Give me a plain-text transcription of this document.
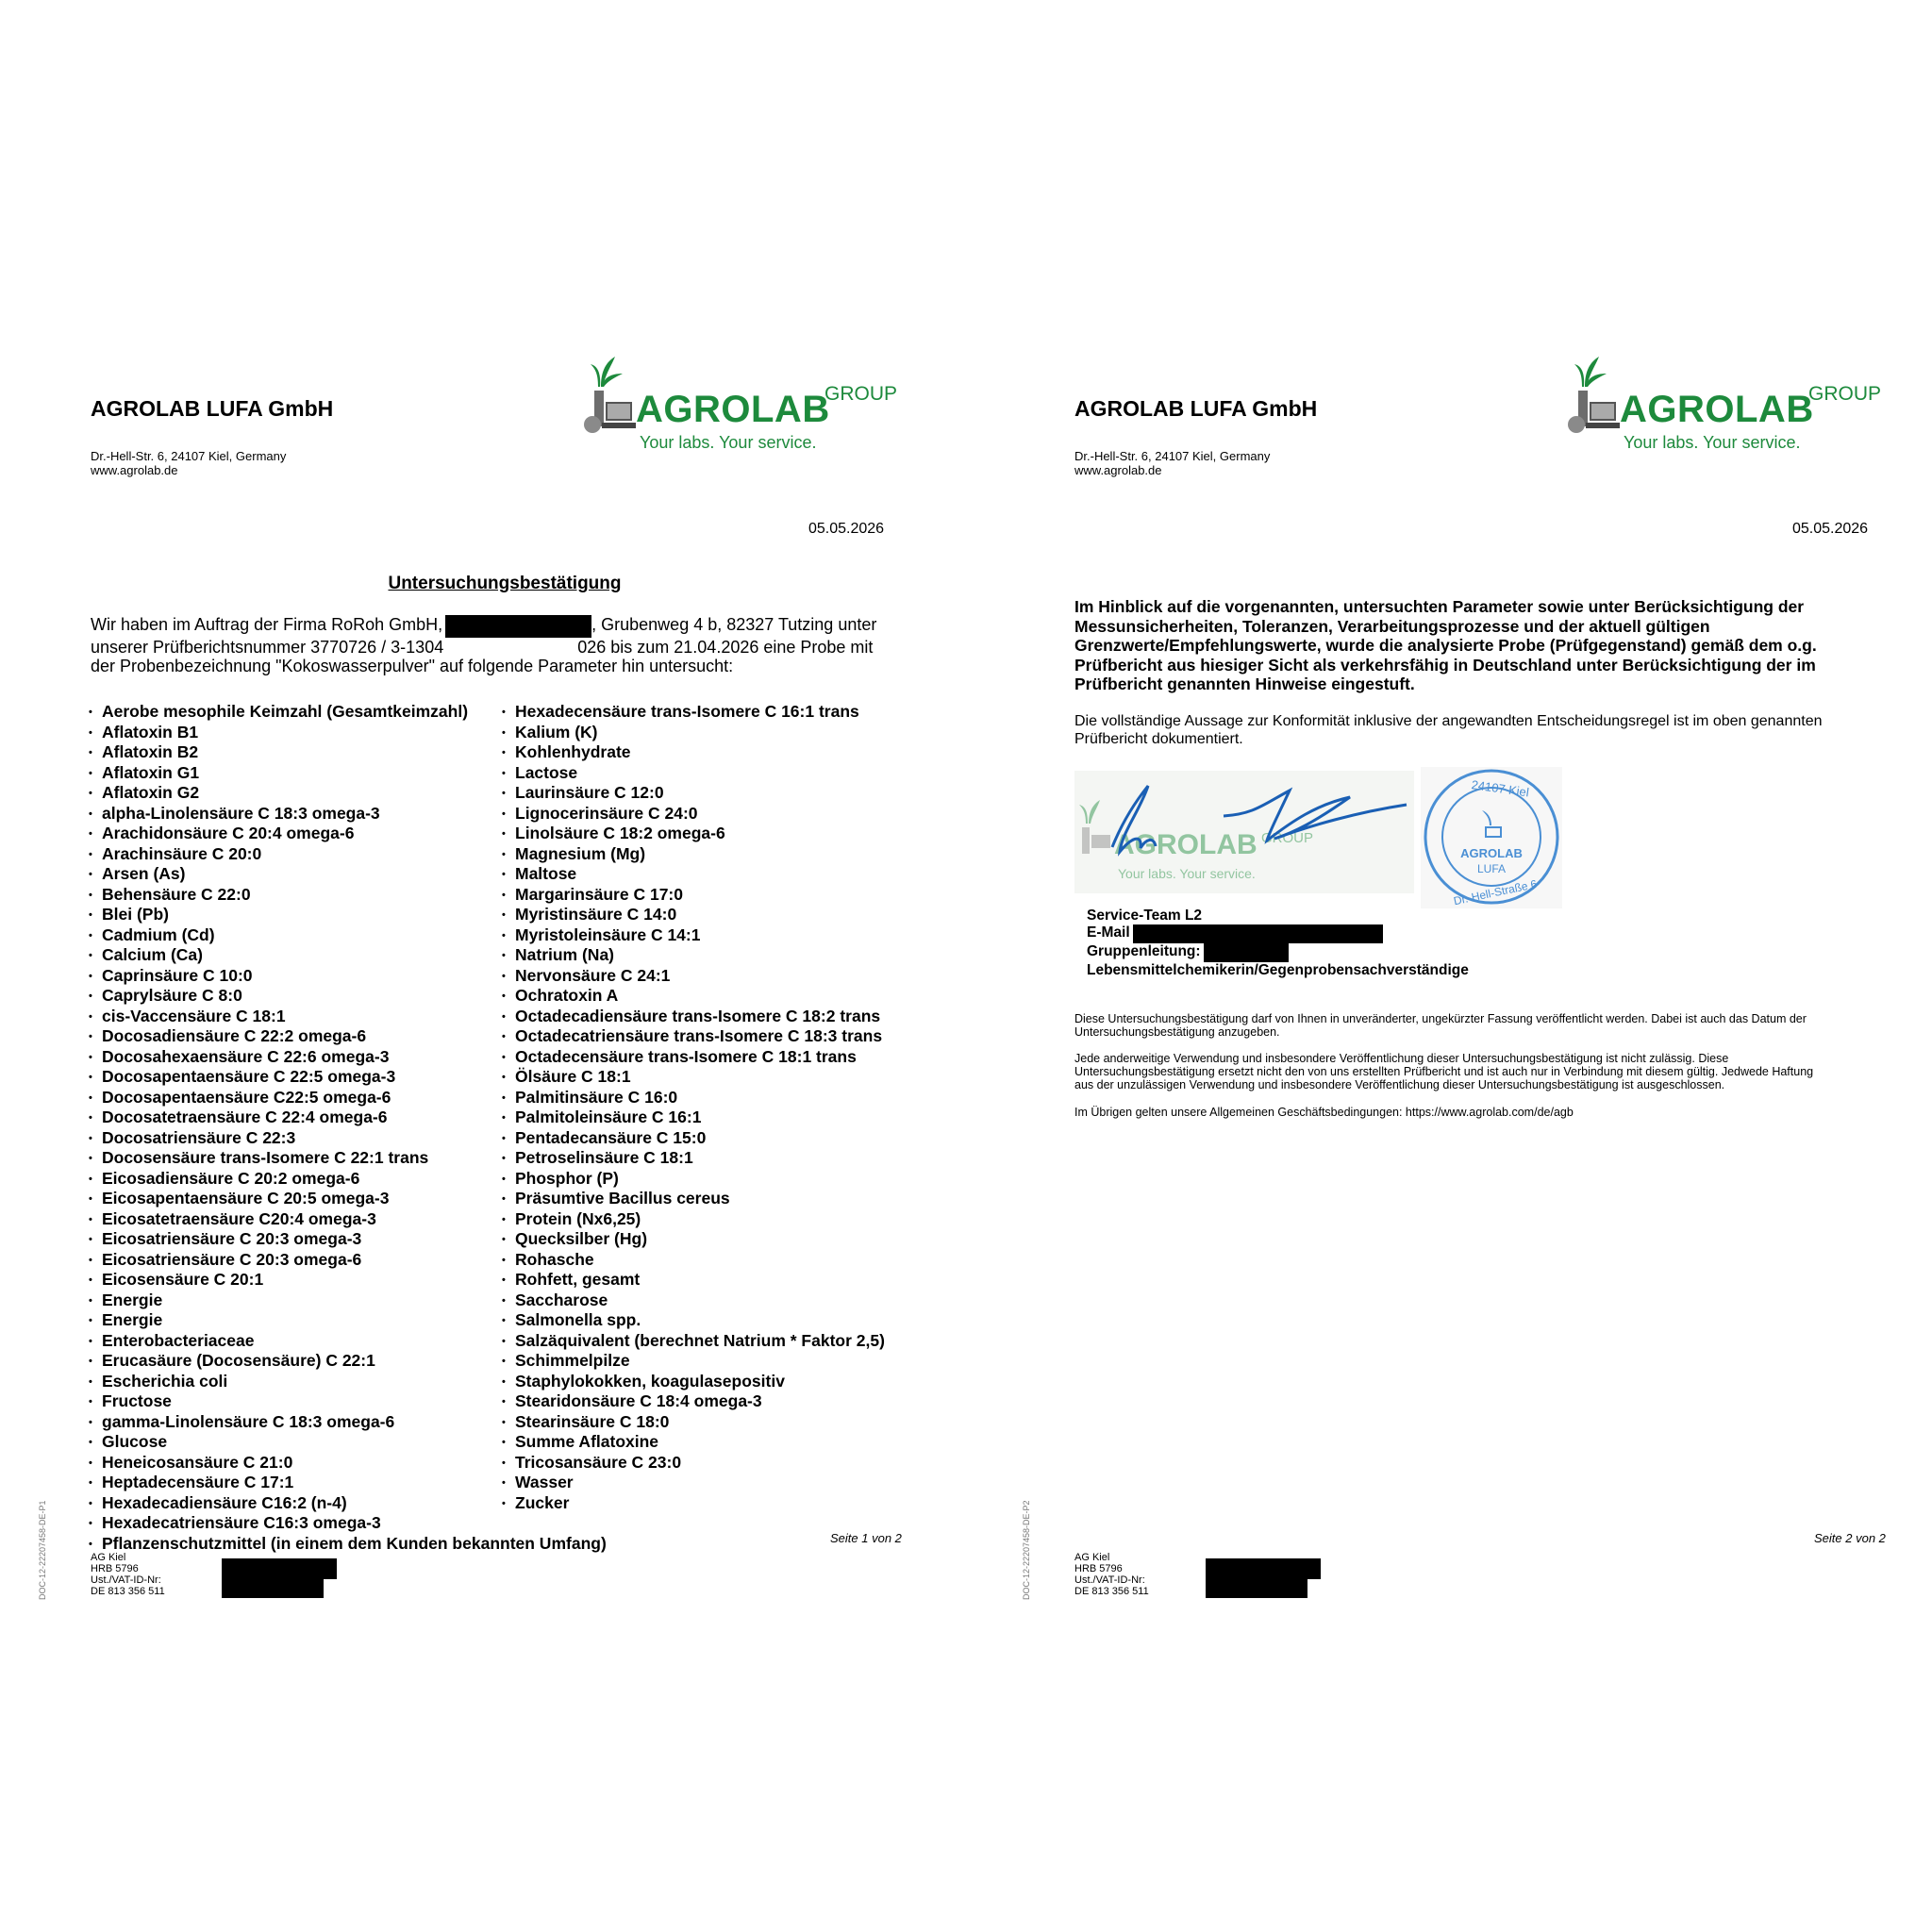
AGROLAB LUFA GmbH
Dr.-Hell-Str. 6, 24107 Kiel, Germany
www.agrolab.de
AGROLAB
GROUP
Your labs. Your service.
05.05.2026
Untersuchungsbestätigung
Wir haben im Auftrag der Firma RoRoh GmbH,	, Grubenweg 4 b, 82327 Tutzing unter
unserer Prüfberichtsnummer 3770726 / 3-1304	026 bis zum 21.04.2026 eine Probe mit
der Probenbezeichnung "Kokoswasserpulver" auf folgende Parameter hin untersucht:
• Aerobe mesophile Keimzahl (Gesamtkeimzahl)
• Aflatoxin B1
• Aflatoxin B2
• Aflatoxin G1
• Aflatoxin G2
• alpha-Linolensäure C 18:3 omega-3
• Arachidonsäure C 20:4 omega-6
• Arachinsäure C 20:0
• Arsen (As)
• Behensäure C 22:0
• Blei (Pb)
• Cadmium (Cd)
• Calcium (Ca)
• Caprinsäure C 10:0
• Caprylsäure C 8:0
• cis-Vaccensäure C 18:1
• Docosadiensäure C 22:2 omega-6
• Docosahexaensäure C 22:6 omega-3
• Docosapentaensäure C 22:5 omega-3
• Docosapentaensäure C22:5 omega-6
• Docosatetraensäure C 22:4 omega-6
• Docosatriensäure C 22:3
• Docosensäure trans-Isomere C 22:1 trans
• Eicosadiensäure C 20:2 omega-6
• Eicosapentaensäure C 20:5 omega-3
• Eicosatetraensäure C20:4 omega-3
• Eicosatriensäure C 20:3 omega-3
• Eicosatriensäure C 20:3 omega-6
• Eicosensäure C 20:1
• Energie
• Energie
• Enterobacteriaceae
• Erucasäure (Docosensäure) C 22:1
• Escherichia coli
• Fructose
• gamma-Linolensäure C 18:3 omega-6
• Glucose
• Heneicosansäure C 21:0
• Heptadecensäure C 17:1
• Hexadecadiensäure C16:2 (n-4)
• Hexadecatriensäure C16:3 omega-3
• Pflanzenschutzmittel (in einem dem Kunden bekannten Umfang)
• Hexadecensäure trans-Isomere C 16:1 trans
• Kalium (K)
• Kohlenhydrate
• Lactose
• Laurinsäure C 12:0
• Lignocerinsäure C 24:0
• Linolsäure C 18:2 omega-6
• Magnesium (Mg)
• Maltose
• Margarinsäure C 17:0
• Myristinsäure C 14:0
• Myristoleinsäure C 14:1
• Natrium (Na)
• Nervonsäure C 24:1
• Ochratoxin A
• Octadecadiensäure trans-Isomere C 18:2 trans
• Octadecatriensäure trans-Isomere C 18:3 trans
• Octadecensäure trans-Isomere C 18:1 trans
• Ölsäure C 18:1
• Palmitinsäure C 16:0
• Palmitoleinsäure C 16:1
• Pentadecansäure C 15:0
• Petroselinsäure C 18:1
• Phosphor (P)
• Präsumtive Bacillus cereus
• Protein (Nx6,25)
• Quecksilber (Hg)
• Rohasche
• Rohfett, gesamt
• Saccharose
• Salmonella spp.
• Salzäquivalent (berechnet Natrium * Faktor 2,5)
• Schimmelpilze
• Staphylokokken, koagulasepositiv
• Stearidonsäure C 18:4 omega-3
• Stearinsäure C 18:0
• Summe Aflatoxine
• Tricosansäure C 23:0
• Wasser
• Zucker
Seite 1 von 2
DOC-12-22207458-DE-P1	AG Kiel
HRB 5796
Ust./VAT-ID-Nr:
DE 813 356 511
AGROLAB LUFA GmbH
Dr.-Hell-Str. 6, 24107 Kiel, Germany
www.agrolab.de
AGROLAB
GROUP
Your labs. Your service.
05.05.2026
Im Hinblick auf die vorgenannten, untersuchten Parameter sowie unter Berücksichtigung der
Messunsicherheiten, Toleranzen, Verarbeitungsprozesse und der aktuell gültigen
Grenzwerte/Empfehlungswerte, wurde die analysierte Probe (Prüfgegenstand) gemäß dem o.g.
Prüfbericht aus hiesiger Sicht als verkehrsfähig in Deutschland unter Berücksichtigung der im
Prüfbericht genannten Hinweise eingestuft.
Die vollständige Aussage zur Konformität inklusive der angewandten Entscheidungsregel ist im oben genannten
Prüfbericht dokumentiert.
AGROLAB GROUP
Your labs. Your service.
24107 Kiel
Dr.-Hell-Straße 6
AGROLAB
LUFA
Service-Team L2
E-Mail
Gruppenleitung:
Lebensmittelchemikerin/Gegenprobensachverständige
Diese Untersuchungsbestätigung darf von Ihnen in unveränderter, ungekürzter Fassung veröffentlicht werden. Dabei ist auch das Datum der
Untersuchungsbestätigung anzugeben.
Jede anderweitige Verwendung und insbesondere Veröffentlichung dieser Untersuchungsbestätigung ist nicht zulässig. Diese
Untersuchungsbestätigung ersetzt nicht den von uns erstellten Prüfbericht und ist auch nur in Verbindung mit diesem gültig. Jedwede Haftung
aus der unzulässigen Verwendung und insbesondere Veröffentlichung dieser Untersuchungsbestätigung ist ausgeschlossen.
Im Übrigen gelten unsere Allgemeinen Geschäftsbedingungen: https://www.agrolab.com/de/agb
Seite 2 von 2
DOC-12-22207458-DE-P2	AG Kiel
HRB 5796
Ust./VAT-ID-Nr:
DE 813 356 511
